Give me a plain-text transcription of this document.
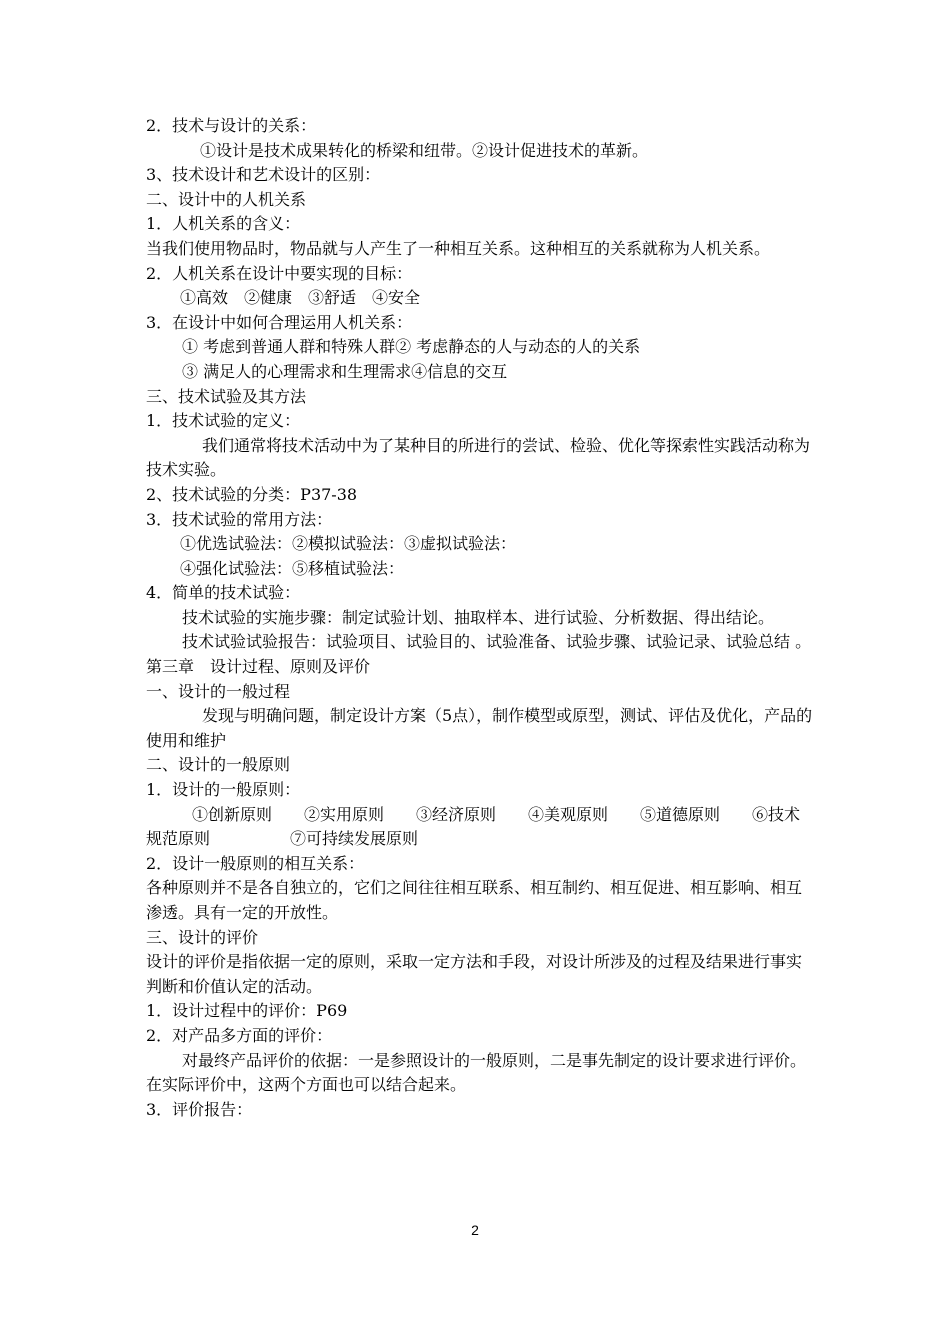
2．技术与设计的关系：
①设计是技术成果转化的桥梁和纽带。②设计促进技术的革新。
3、技术设计和艺术设计的区别：
二、设计中的人机关系
1．人机关系的含义：
当我们使用物品时，物品就与人产生了一种相互关系。这种相互的关系就称为人机关系。
2．人机关系在设计中要实现的目标：
①高效　②健康　③舒适　④安全
3．在设计中如何合理运用人机关系：
① 考虑到普通人群和特殊人群② 考虑静态的人与动态的人的关系
③ 满足人的心理需求和生理需求④信息的交互
三、技术试验及其方法
1．技术试验的定义：
我们通常将技术活动中为了某种目的所进行的尝试、检验、优化等探索性实践活动称为技术实验。
2、技术试验的分类：P37-38
3．技术试验的常用方法：
①优选试验法：②模拟试验法：③虚拟试验法：
④强化试验法：⑤移植试验法：
4．简单的技术试验：
技术试验的实施步骤：制定试验计划、抽取样本、进行试验、分析数据、得出结论。
技术试验试验报告：试验项目、试验目的、试验准备、试验步骤、试验记录、试验总结 。
第三章　设计过程、原则及评价
一、设计的一般过程
发现与明确问题，制定设计方案（5点），制作模型或原型，测试、评估及优化，产品的使用和维护
二、设计的一般原则
1．设计的一般原则：
①创新原则　　②实用原则　　③经济原则　　④美观原则　　⑤道德原则　　⑥技术规范原则　　　　　⑦可持续发展原则
2．设计一般原则的相互关系：
各种原则并不是各自独立的，它们之间往往相互联系、相互制约、相互促进、相互影响、相互渗透。具有一定的开放性。
三、设计的评价
设计的评价是指依据一定的原则，采取一定方法和手段，对设计所涉及的过程及结果进行事实判断和价值认定的活动。
1．设计过程中的评价：P69
2．对产品多方面的评价：
对最终产品评价的依据：一是参照设计的一般原则，二是事先制定的设计要求进行评价。在实际评价中，这两个方面也可以结合起来。
3．评价报告：
2
